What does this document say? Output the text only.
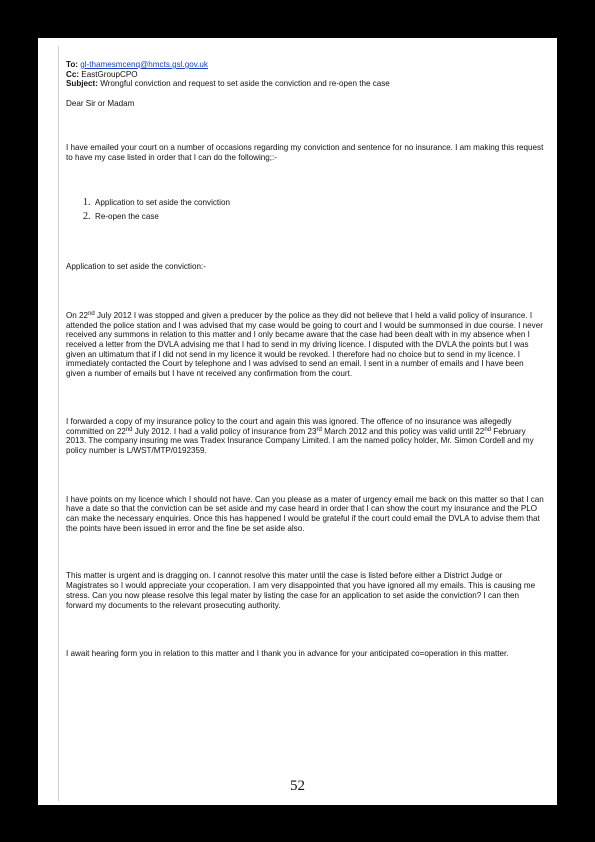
To: gl-thamesmcenq@hmcts.gsl.gov.uk

Cc: EastGroupCPO

Subject: Wrongful conviction and request to set aside the conviction and re-open the case

Dear Sir or Madam

I have emailed your court on a number of occasions regarding my conviction and sentence for no insurance. I am making this request to have my case listed in order that I can do the following;:-

1. Application to set aside the conviction
2. Re-open the case

Application to set aside the conviction:-

On 22nd July 2012 I was stopped and given a preducer by the police as they did not believe that I held a valid policy of insurance. I attended the police station and I was advised that my case would be going to court and I would be summonsed in due course. I never received any summons in relation to this matter and I only became aware that the case had been dealt with in my absence when I received a letter from the DVLA advising me that I had to send in my driving licence. I disputed with the DVLA the points but I was given an ultimatum that if I did not send in my licence it would be revoked. I therefore had no choice but to send in my licence. I immediately contacted the Court by telephone and I was advised to send an email. I sent in a number of emails and I have been given a number of emails but I have nt received any confirmation from the court.

I forwarded a copy of my insurance policy to the court and again this was ignored. The offence of no insurance was allegedly committed on 22nd July 2012. I had a valid policy of insurance from 23rd March 2012 and this policy was valid until 22nd February 2013. The company insuring me was Tradex Insurance Company Limited. I am the named policy holder, Mr. Simon Cordell and my policy number is L/WST/MTP/0192359.

I have points on my licence which I should not have. Can you please as a mater of urgency email me back on this matter so that I can have a date so that the conviction can be set aside and my case heard in order that I can show the court my insurance and the PLO can make the necessary enquiries. Once this has happened I would be grateful if the court could email the DVLA to advise them that the points have been issued in error and the fine be set aside also.

This matter is urgent and is dragging on. I cannot resolve this mater until the case is listed before either a District Judge or Magistrates so I would appreciate your ccoperation. I am very disappointed that you have ignored all my emails. This is causing me stress. Can you now please resolve this legal mater by listing the case for an application to set aside the conviction? I can then forward my documents to the relevant prosecuting authority.

I await hearing form you in relation to this matter and I thank you in advance for your anticipated co=operation in this matter.

52
